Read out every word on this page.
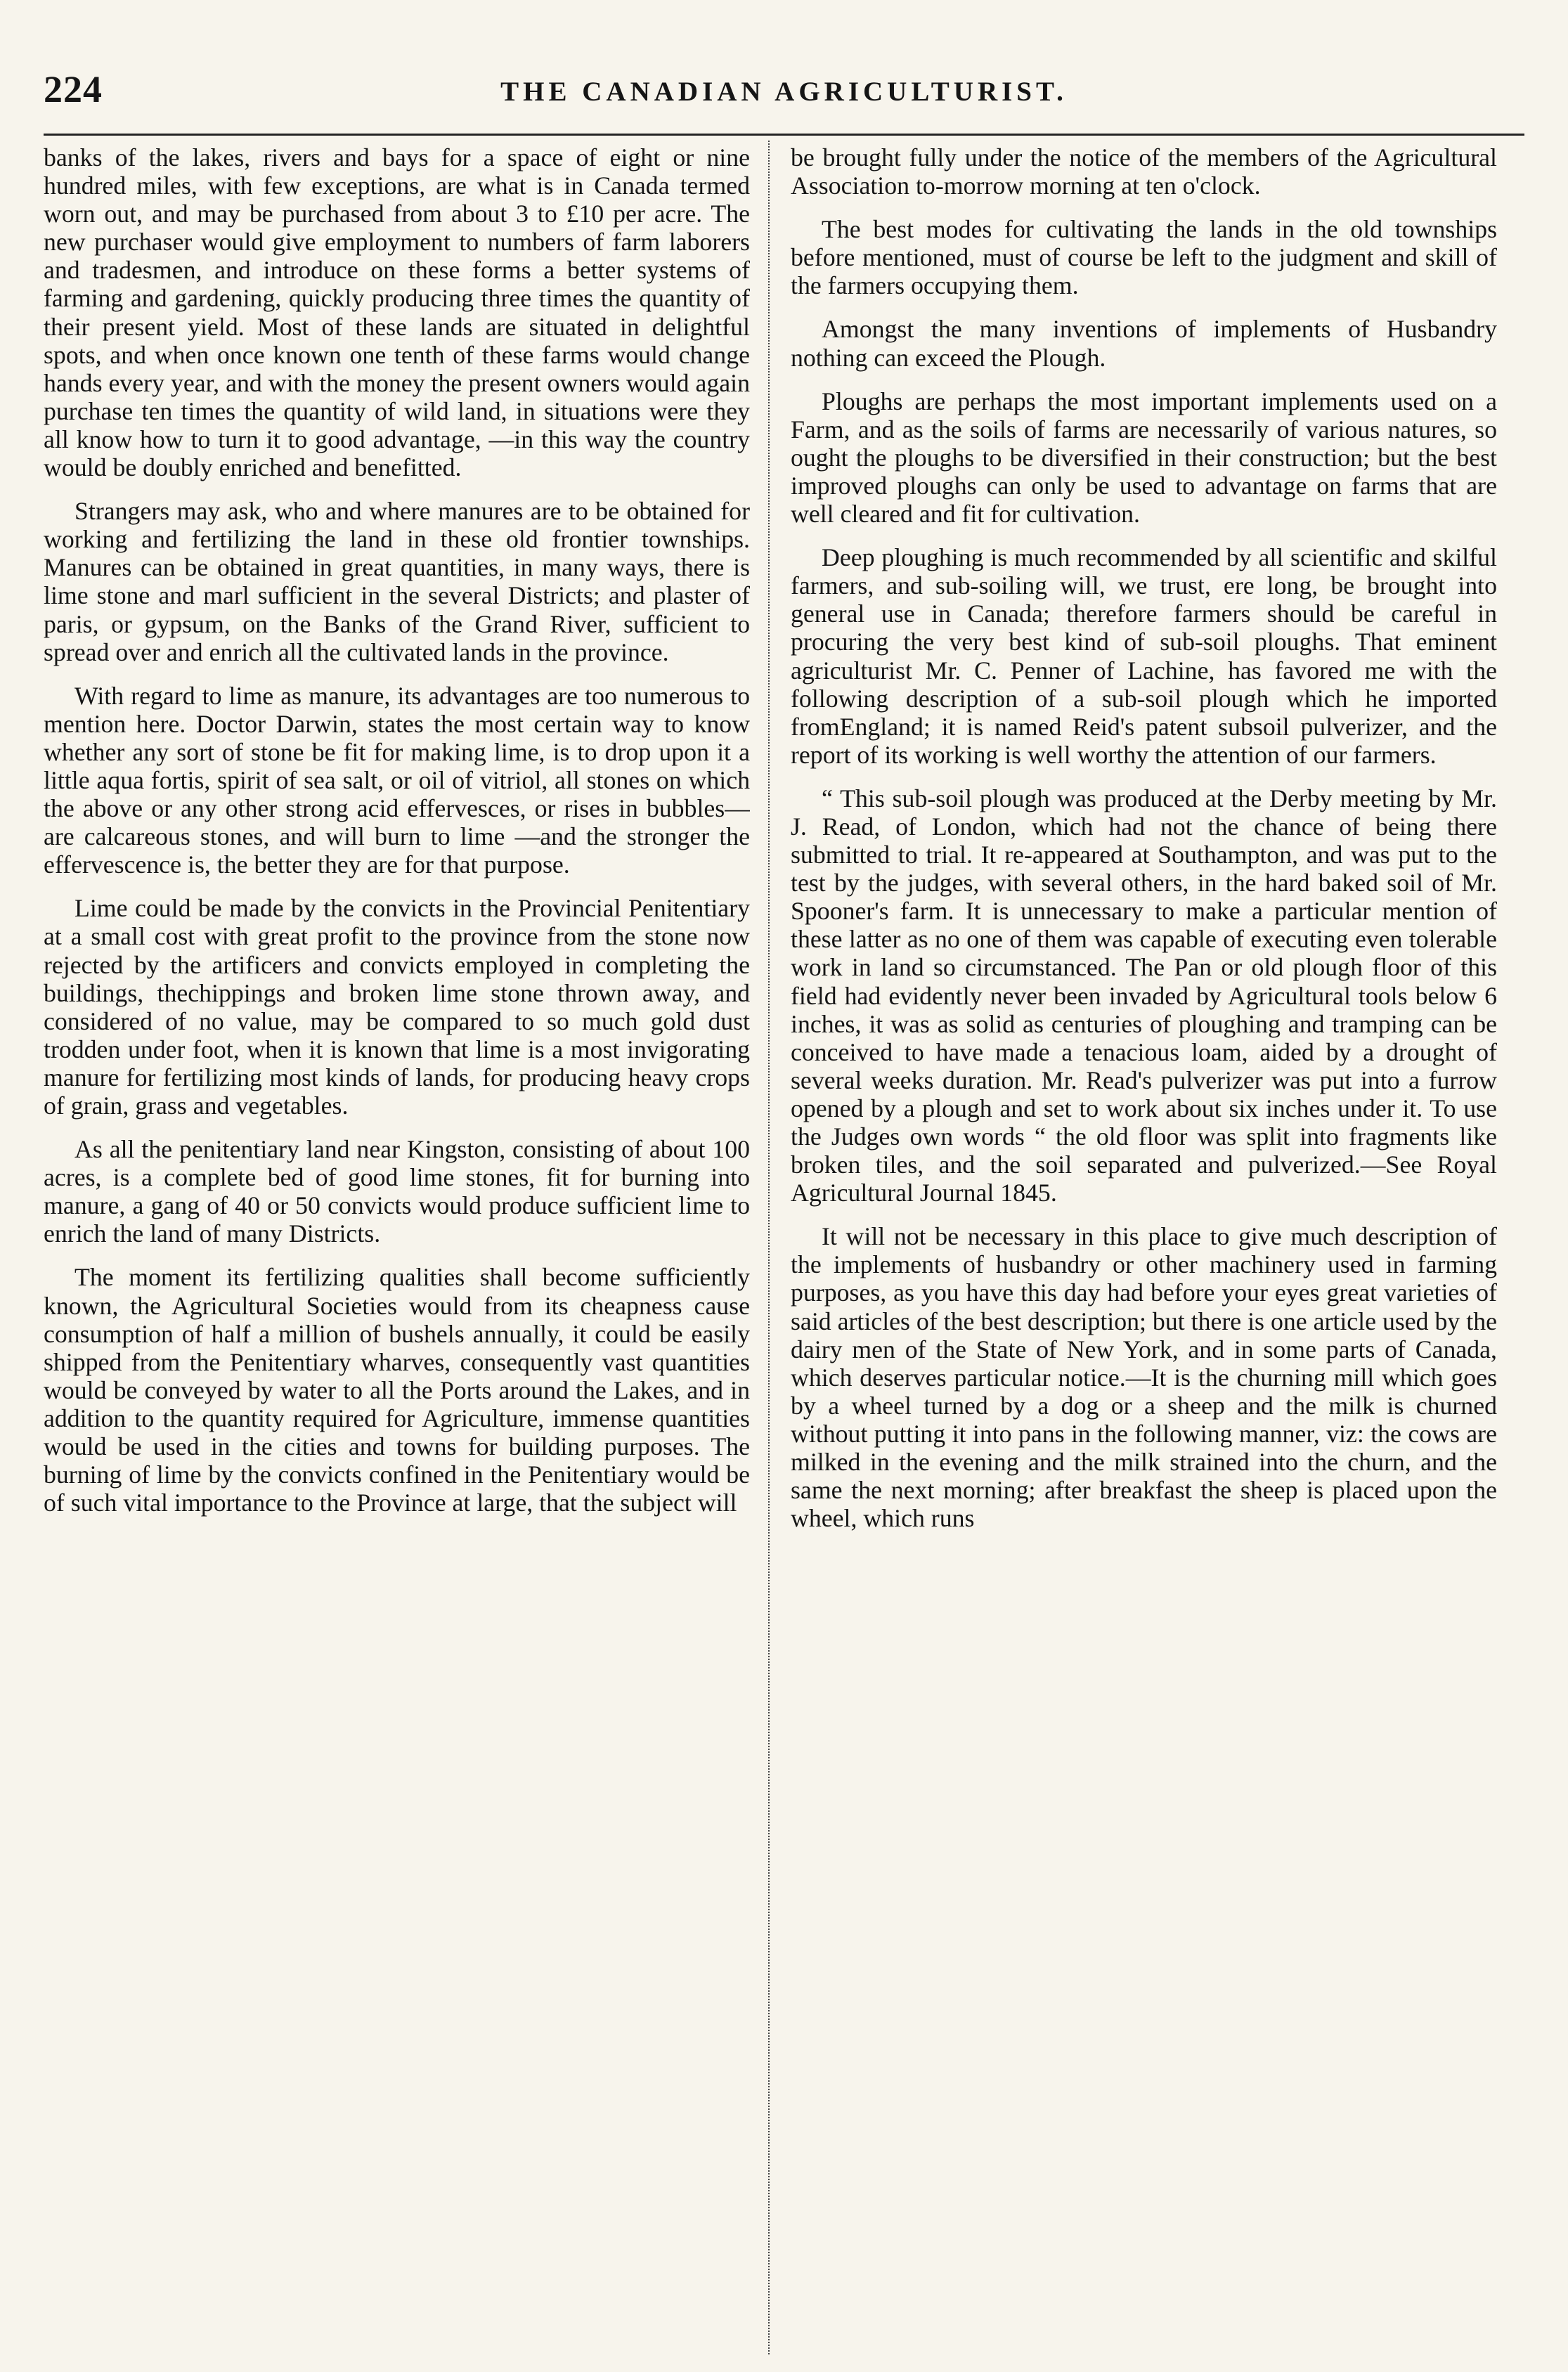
224	THE CANADIAN AGRICULTURIST.

banks of the lakes, rivers and bays for a space of eight or nine hundred miles, with few exceptions, are what is in Canada termed worn out, and may be purchased from about 3 to £10 per acre. The new purchaser would give employment to numbers of farm laborers and tradesmen, and introduce on these forms a better systems of farming and gardening, quickly producing three times the quantity of their present yield. Most of these lands are situated in delightful spots, and when once known one tenth of these farms would change hands every year, and with the money the present owners would again purchase ten times the quantity of wild land, in situations were they all know how to turn it to good advantage, —in this way the country would be doubly enriched and benefitted.

Strangers may ask, who and where manures are to be obtained for working and fertilizing the land in these old frontier townships. Manures can be obtained in great quantities, in many ways, there is lime stone and marl sufficient in the several Districts; and plaster of paris, or gypsum, on the Banks of the Grand River, sufficient to spread over and enrich all the cultivated lands in the province.

With regard to lime as manure, its advantages are too numerous to mention here. Doctor Darwin, states the most certain way to know whether any sort of stone be fit for making lime, is to drop upon it a little aqua fortis, spirit of sea salt, or oil of vitriol, all stones on which the above or any other strong acid effervesces, or rises in bubbles—are calcareous stones, and will burn to lime —and the stronger the effervescence is, the better they are for that purpose.

Lime could be made by the convicts in the Provincial Penitentiary at a small cost with great profit to the province from the stone now rejected by the artificers and convicts employed in completing the buildings, thechippings and broken lime stone thrown away, and considered of no value, may be compared to so much gold dust trodden under foot, when it is known that lime is a most invigorating manure for fertilizing most kinds of lands, for producing heavy crops of grain, grass and vegetables.

As all the penitentiary land near Kingston, consisting of about 100 acres, is a complete bed of good lime stones, fit for burning into manure, a gang of 40 or 50 convicts would produce sufficient lime to enrich the land of many Districts.

The moment its fertilizing qualities shall become sufficiently known, the Agricultural Societies would from its cheapness cause consumption of half a million of bushels annually, it could be easily shipped from the Penitentiary wharves, consequently vast quantities would be conveyed by water to all the Ports around the Lakes, and in addition to the quantity required for Agriculture, immense quantities would be used in the cities and towns for building purposes. The burning of lime by the convicts confined in the Penitentiary would be of such vital importance to the Province at large, that the subject will

be brought fully under the notice of the members of the Agricultural Association to-morrow morning at ten o'clock.

The best modes for cultivating the lands in the old townships before mentioned, must of course be left to the judgment and skill of the farmers occupying them.

Amongst the many inventions of implements of Husbandry nothing can exceed the Plough.

Ploughs are perhaps the most important implements used on a Farm, and as the soils of farms are necessarily of various natures, so ought the ploughs to be diversified in their construction; but the best improved ploughs can only be used to advantage on farms that are well cleared and fit for cultivation.

Deep ploughing is much recommended by all scientific and skilful farmers, and sub-soiling will, we trust, ere long, be brought into general use in Canada; therefore farmers should be careful in procuring the very best kind of sub-soil ploughs. That eminent agriculturist Mr. C. Penner of Lachine, has favored me with the following description of a sub-soil plough which he imported fromEngland; it is named Reid's patent subsoil pulverizer, and the report of its working is well worthy the attention of our farmers.

“ This sub-soil plough was produced at the Derby meeting by Mr. J. Read, of London, which had not the chance of being there submitted to trial. It re-appeared at Southampton, and was put to the test by the judges, with several others, in the hard baked soil of Mr. Spooner's farm. It is unnecessary to make a particular mention of these latter as no one of them was capable of executing even tolerable work in land so circumstanced. The Pan or old plough floor of this field had evidently never been invaded by Agricultural tools below 6 inches, it was as solid as centuries of ploughing and tramping can be conceived to have made a tenacious loam, aided by a drought of several weeks duration. Mr. Read's pulverizer was put into a furrow opened by a plough and set to work about six inches under it. To use the Judges own words “ the old floor was split into fragments like broken tiles, and the soil separated and pulverized.—See Royal Agricultural Journal 1845.

It will not be necessary in this place to give much description of the implements of husbandry or other machinery used in farming purposes, as you have this day had before your eyes great varieties of said articles of the best description; but there is one article used by the dairy men of the State of New York, and in some parts of Canada, which deserves particular notice.—It is the churning mill which goes by a wheel turned by a dog or a sheep and the milk is churned without putting it into pans in the following manner, viz: the cows are milked in the evening and the milk strained into the churn, and the same the next morning; after breakfast the sheep is placed upon the wheel, which runs
